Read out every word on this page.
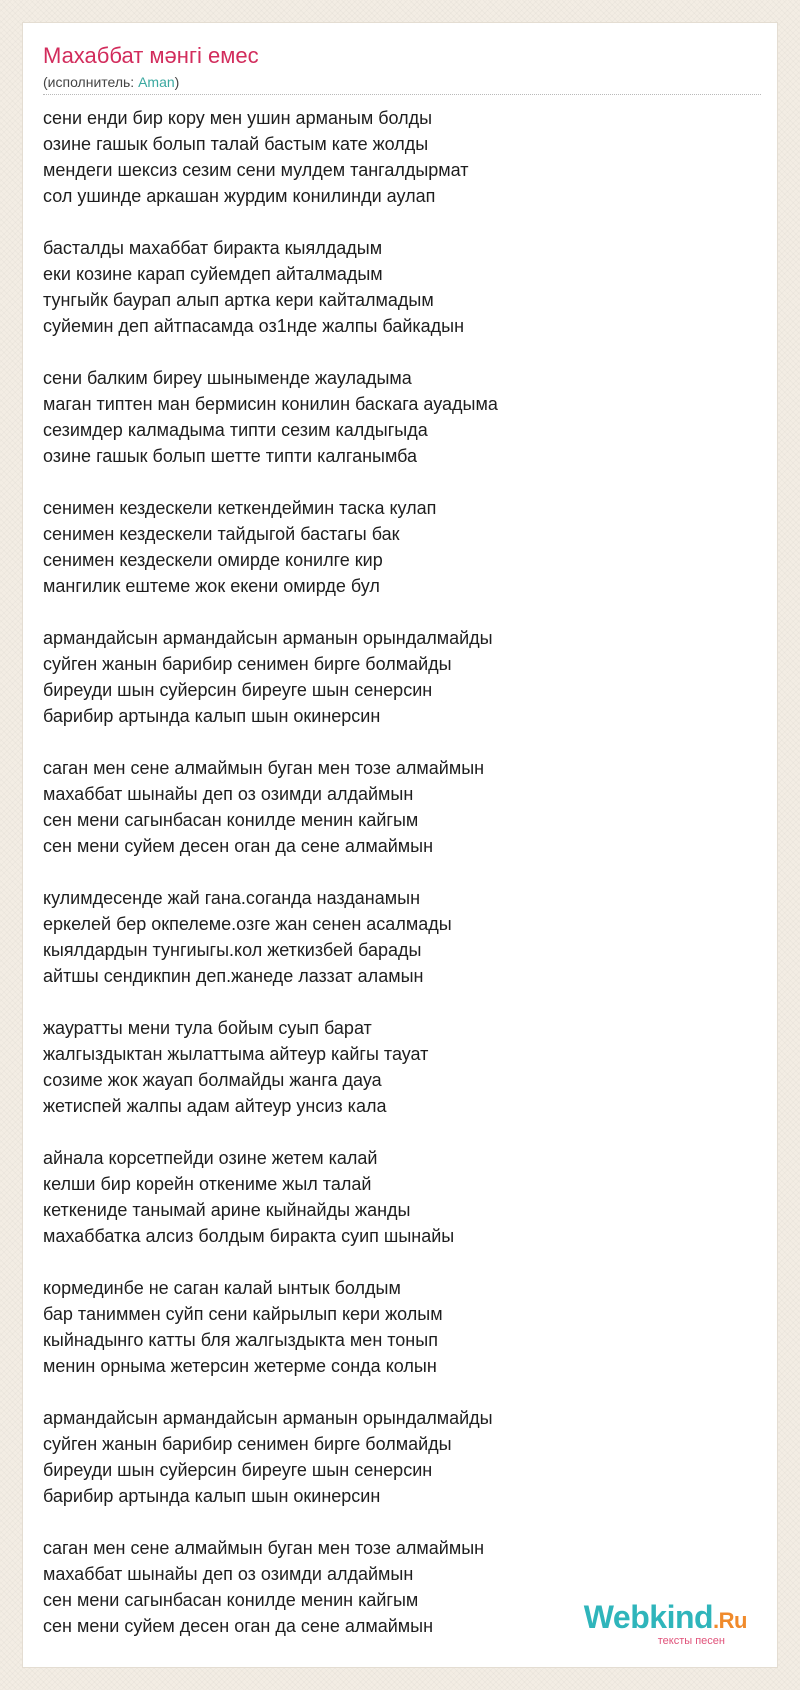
Махаббат мәнгі емес
(исполнитель: Aman)
сени енди бир кору мен ушин арманым болды
озине гашык болып талай бастым кате жолды
мендеги шексиз сезим сени мулдем тангалдырмат
сол ушинде аркашан журдим конилинди аулап
басталды махаббат биракта кыялдадым
еки козине карап суйемдеп айталмадым
тунгыйк баурап алып артка кери кайталмадым
суйемин деп айтпасамда оз1нде жалпы байкадын
сени балким биреу шыныменде жауладыма
маган типтен ман бермисин конилин баскага ауадыма
сезимдер калмадыма типти сезим калдыгыда
озине гашык болып шетте типти калганымба
сенимен кездескели кеткендеймин таска кулап
сенимен кездескели тайдыгой бастагы бак
сенимен кездескели омирде конилге кир
мангилик ештеме жок екени омирде бул
армандайсын армандайсын арманын орындалмайды
суйген жанын барибир сенимен бирге болмайды
биреуди шын суйерсин биреуге шын сенерсин
барибир артында калып шын окинерсин
саган мен сене алмаймын буган мен тозе алмаймын
махаббат шынайы деп оз озимди алдаймын
сен мени сагынбасан конилде менин кайгым
сен мени суйем десен оган да сене алмаймын
кулимдесенде жай гана.соганда назданамын
еркелей бер окпелеме.озге жан сенен асалмады
кыялдардын тунгиыгы.кол жеткизбей барады
айтшы сендикпин деп.жанеде лаззат аламын
жауратты мени тула бойым суып барат
жалгыздыктан жылаттыма айтеур кайгы тауат
созиме жок жауап болмайды жанга дауа
жетиспей жалпы адам айтеур унсиз кала
айнала корсетпейди озине жетем калай
келши бир корейн откениме жыл талай
кеткениде танымай арине кыйнайды жанды
махаббатка алсиз болдым биракта суип шынайы
кормединбе не саган калай ынтык болдым
бар таниммен суйп сени кайрылып кери жолым
кыйнадынго катты бля жалгыздыкта мен тонып
менин орныма жетерсин жетерме сонда колын
армандайсын армандайсын арманын орындалмайды
суйген жанын барибир сенимен бирге болмайды
биреуди шын суйерсин биреуге шын сенерсин
барибир артында калып шын окинерсин
саган мен сене алмаймын буган мен тозе алмаймын
махаббат шынайы деп оз озимди алдаймын
сен мени сагынбасан конилде менин кайгым
сен мени суйем десен оган да сене алмаймын	Webkind.Ru
тексты песен
